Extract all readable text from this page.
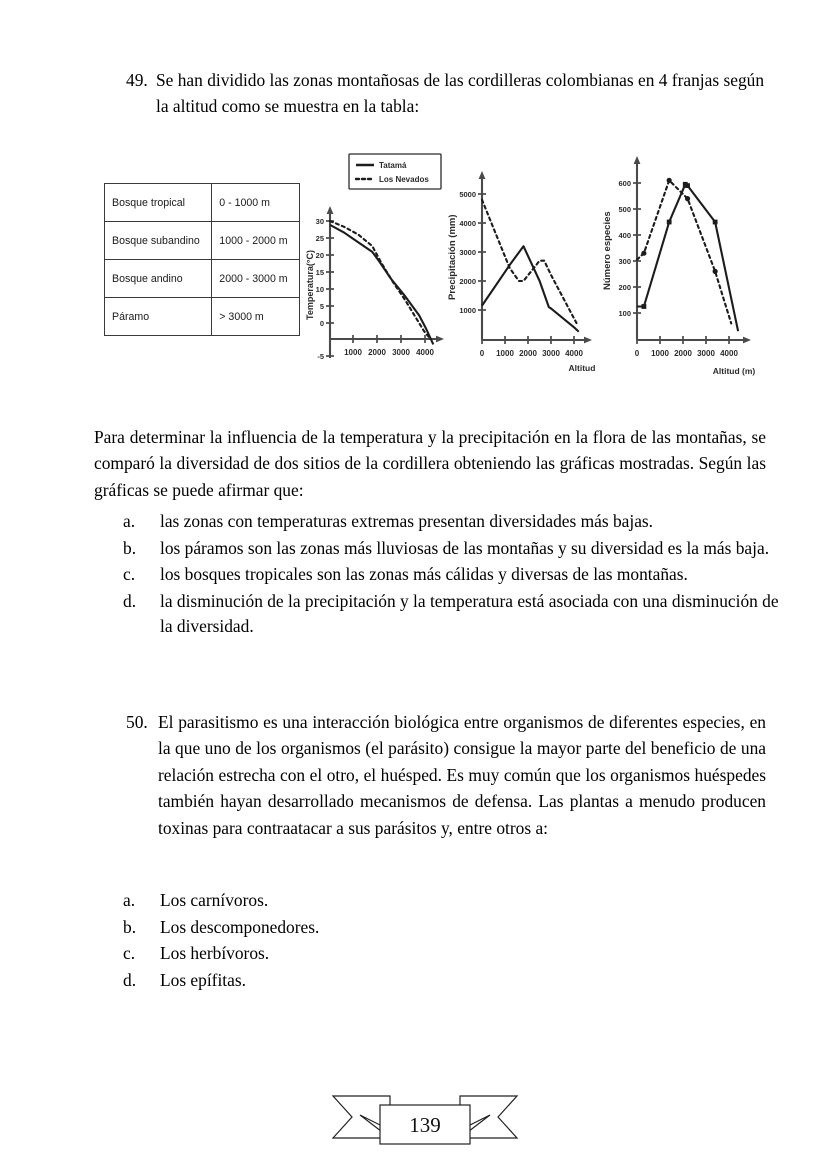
49. Se han dividido las zonas montañosas de las cordilleras colombianas en 4 franjas según la altitud como se muestra en la tabla:
Bosque tropical	0 - 1000 m
Bosque subandino	1000 - 2000 m
Bosque andino	2000 - 3000 m
Páramo	> 3000 m
Tatamá
Los Nevados
Temperatura(°C)
30
25
20
15
10
5
0
-5	1000 2000 3000 4000
Precipitación (mm)
1000
2000
3000
4000
5000
0 1000 2000 3000 4000
Altitud
Número especies
100
200
300
400
500
600
0 1000 2000 3000 4000
Altitud (m)
Para determinar la influencia de la temperatura y la precipitación en la flora de las montañas, se comparó la diversidad de dos sitios de la cordillera obteniendo las gráficas mostradas. Según las gráficas se puede afirmar que:
a.	las zonas con temperaturas extremas presentan diversidades más bajas.
b.	los páramos son las zonas más lluviosas de las montañas y su diversidad es la más baja.
c.	los bosques tropicales son las zonas más cálidas y diversas de las montañas.
d.	la disminución de la precipitación y la temperatura está asociada con una disminución de la diversidad.
50. El parasitismo es una interacción biológica entre organismos de diferentes especies, en la que uno de los organismos (el parásito) consigue la mayor parte del beneficio de una relación estrecha con el otro, el huésped. Es muy común que los organismos huéspedes también hayan desarrollado mecanismos de defensa. Las plantas a menudo producen toxinas para contraatacar a sus parásitos y, entre otros a:
a.	Los carnívoros.
b.	Los descomponedores.
c.	Los herbívoros.
d.	Los epífitas.
139
